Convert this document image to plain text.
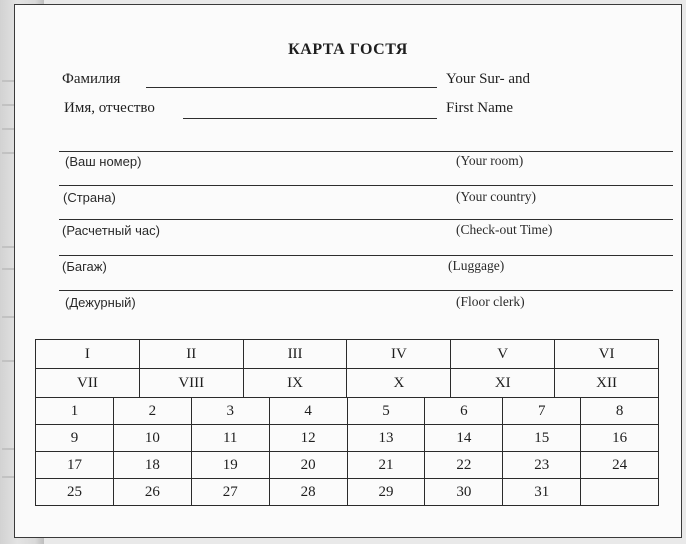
КАРТА ГОСТЯ
Фамилия	Your Sur- and
Имя, отчество	First Name
(Ваш номер)	(Your room)
(Страна)	(Your country)
(Расчетный час)	(Check-out Time)
(Багаж)	(Luggage)
(Дежурный)	(Floor clerk)
I	II	III	IV	V	VI
VII	VIII	IX	X	XI	XII
1	2	3	4	5	6	7	8
9	10	11	12	13	14	15	16
17	18	19	20	21	22	23	24
25	26	27	28	29	30	31	
